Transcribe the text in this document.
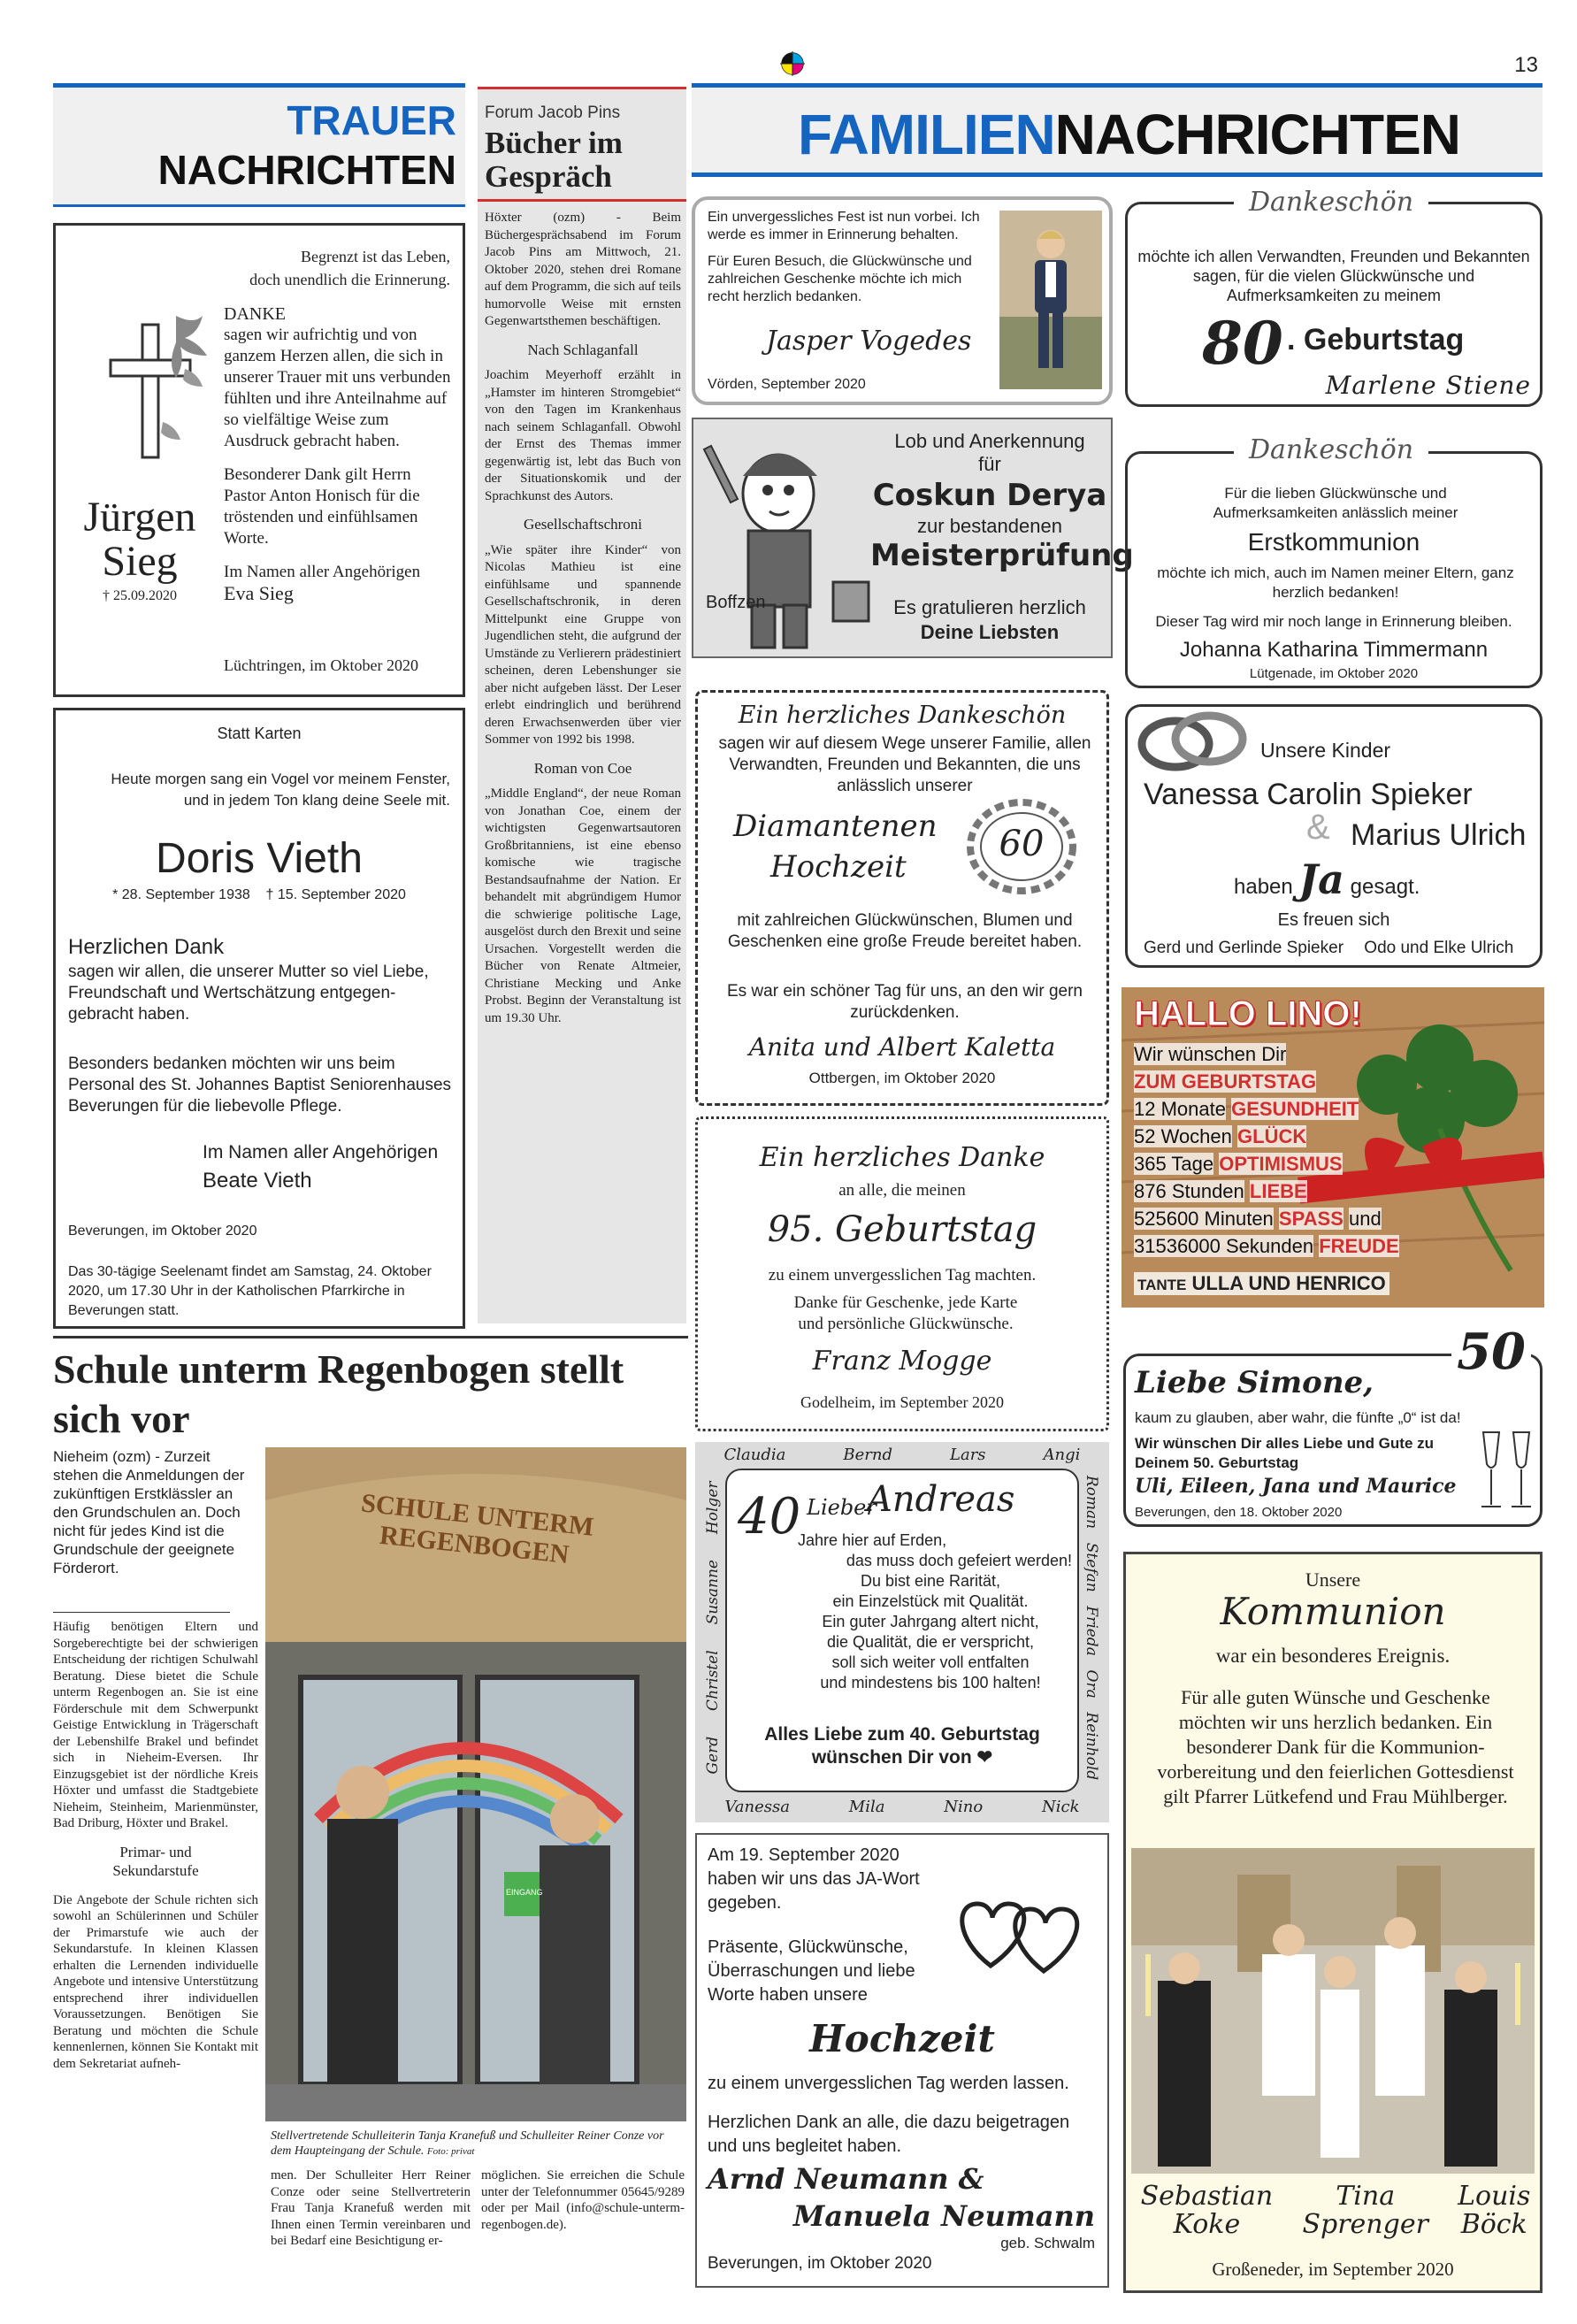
13
TRAUER
NACHRICHTEN
Begrenzt ist das Leben,
doch unendlich die Erinnerung.
Jürgen
Sieg
† 25.09.2020
DANKE
sagen wir aufrichtig und von ganzem Herzen allen, die sich in unserer Trauer mit uns verbunden fühlten und ihre Anteilnahme auf so vielfältige Weise zum Ausdruck gebracht haben.
Besonderer Dank gilt Herrn Pastor Anton Honisch für die tröstenden und einfühlsamen Worte.
Im Namen aller Angehörigen
Eva Sieg
Lüchtringen, im Oktober 2020
Statt Karten
Heute morgen sang ein Vogel vor meinem Fenster,
und in jedem Ton klang deine Seele mit.
Doris Vieth
* 28. September 1938    † 15. September 2020
Herzlichen Dank
sagen wir allen, die unserer Mutter so viel Liebe, Freundschaft und Wertschätzung entgegen-gebracht haben.
Besonders bedanken möchten wir uns beim Personal des St. Johannes Baptist Seniorenhauses Beverungen für die liebevolle Pflege.
Im Namen aller Angehörigen
Beate Vieth
Beverungen, im Oktober 2020
Das 30-tägige Seelenamt findet am Samstag, 24. Oktober 2020, um 17.30 Uhr in der Katholischen Pfarrkirche in Beverungen statt.
Forum Jacob Pins
Bücher im Gespräch
Höxter (ozm) - Beim Büchergesprächsabend im Forum Jacob Pins am Mittwoch, 21. Oktober 2020, stehen drei Romane auf dem Programm, die sich auf teils humorvolle Weise mit ernsten Gegenwartsthemen beschäftigen.
Nach Schlaganfall
Joachim Meyerhoff erzählt in „Hamster im hinteren Stromgebiet“ von den Tagen im Krankenhaus nach seinem Schlaganfall. Obwohl der Ernst des Themas immer gegenwärtig ist, lebt das Buch von der Situationskomik und der Sprachkunst des Autors.
Gesellschaftschroni
„Wie später ihre Kinder“ von Nicolas Mathieu ist eine einfühlsame und spannende Gesellschaftschronik, in deren Mittelpunkt eine Gruppe von Jugendlichen steht, die aufgrund der Umstände zu Verlierern prädestiniert scheinen, deren Lebenshunger sie aber nicht aufgeben lässt. Der Leser erlebt eindringlich und berührend deren Erwachsenwerden über vier Sommer von 1992 bis 1998.
Roman von Coe
„Middle England“, der neue Roman von Jonathan Coe, einem der wichtigsten Gegenwartsautoren Großbritanniens, ist eine ebenso komische wie tragische Bestandsaufnahme der Nation. Er behandelt mit abgründigem Humor die schwierige politische Lage, ausgelöst durch den Brexit und seine Ursachen. Vorgestellt werden die Bücher von Renate Altmeier, Christiane Mecking und Anke Probst. Beginn der Veranstaltung ist um 19.30 Uhr.
FAMILIENNACHRICHTEN
Ein unvergessliches Fest ist nun vorbei. Ich werde es immer in Erinnerung behalten.
Für Euren Besuch, die Glückwünsche und zahlreichen Geschenke möchte ich mich recht herzlich bedanken.
Jasper Vogedes
Vörden, September 2020
Dankeschön
möchte ich allen Verwandten, Freunden und Bekannten sagen, für die vielen Glückwünsche und Aufmerksamkeiten zu meinem
80 . Geburtstag
Marlene Stiene
Lob und Anerkennung
für
Coskun Derya
zur bestandenen
Meisterprüfung
Boffzen	Es gratulieren herzlich
Deine Liebsten
Dankeschön
Für die lieben Glückwünsche und Aufmerksamkeiten anlässlich meiner
Erstkommunion
möchte ich mich, auch im Namen meiner Eltern, ganz herzlich bedanken!
Dieser Tag wird mir noch lange in Erinnerung bleiben.
Johanna Katharina Timmermann
Lütgenade, im Oktober 2020
Ein herzliches Dankeschön
sagen wir auf diesem Wege unserer Familie, allen Verwandten, Freunden und Bekannten, die uns anlässlich unserer
Diamantenen
Hochzeit
60
mit zahlreichen Glückwünschen, Blumen und Geschenken eine große Freude bereitet haben.
Es war ein schöner Tag für uns, an den wir gern zurückdenken.
Anita und Albert Kaletta
Ottbergen, im Oktober 2020
Unsere Kinder
Vanessa Carolin Spieker
& Marius Ulrich
haben Ja gesagt.
Es freuen sich
Gerd und Gerlinde Spieker Odo und Elke Ulrich
Ein herzliches Danke
an alle, die meinen
95. Geburtstag
zu einem unvergesslichen Tag machten.
Danke für Geschenke, jede Karte und persönliche Glückwünsche.
Franz Mogge
Godelheim, im September 2020
HALLO LINO!
Wir wünschen Dir
ZUM GEBURTSTAG
12 Monate GESUNDHEIT
52 Wochen GLÜCK
365 Tage OPTIMISMUS
876 Stunden LIEBE
525600 Minuten SPASS und
31536000 Sekunden FREUDE
TANTE ULLA UND HENRICO
Liebe Simone,
50
kaum zu glauben, aber wahr, die fünfte „0“ ist da!
Wir wünschen Dir alles Liebe und Gute zu Deinem 50. Geburtstag
Uli, Eileen, Jana und Maurice
Beverungen, den 18. Oktober 2020
Claudia	Bernd	Lars	Angi
Vanessa	Mila	Nino	Nick
Gerd
Christel
Susanne
Holger	Roman
Stefan
Frieda
Ora
Reinhold
40 Lieber
Andreas
Jahre hier auf Erden,
das muss doch gefeiert werden!
Du bist eine Rarität,
ein Einzelstück mit Qualität.
Ein guter Jahrgang altert nicht,
die Qualität, die er verspricht,
soll sich weiter voll entfalten
und mindestens bis 100 halten!
Alles Liebe zum 40. Geburtstag
wünschen Dir von ❤
Am 19. September 2020 haben wir uns das JA-Wort gegeben.
Präsente, Glückwünsche, Überraschungen und liebe Worte haben unsere
Hochzeit
zu einem unvergesslichen Tag werden lassen.
Herzlichen Dank an alle, die dazu beigetragen und uns begleitet haben.
Arnd Neumann &
Manuela Neumann
geb. Schwalm
Beverungen, im Oktober 2020
Unsere
Kommunion
war ein besonderes Ereignis.
Für alle guten Wünsche und Geschenke möchten wir uns herzlich bedanken. Ein besonderer Dank für die Kommunion-vorbereitung und den feierlichen Gottesdienst gilt Pfarrer Lütkefend und Frau Mühlberger.
Sebastian
Koke
Tina
Sprenger
Louis
Böck
Großeneder, im September 2020
Schule unterm Regenbogen stellt sich vor
Nieheim (ozm) - Zurzeit stehen die Anmeldungen der zukünftigen Erstklässler an den Grundschulen an. Doch nicht für jedes Kind ist die Grundschule der geeignete Förderort.
Häufig benötigen Eltern und Sorgeberechtigte bei der schwierigen Entscheidung der richtigen Schulwahl Beratung. Diese bietet die Schule unterm Regenbogen an. Sie ist eine Förderschule mit dem Schwerpunkt Geistige Entwicklung in Trägerschaft der Lebenshilfe Brakel und befindet sich in Nieheim-Eversen. Ihr Einzugsgebiet ist der nördliche Kreis Höxter und umfasst die Stadtgebiete Nieheim, Steinheim, Marienmünster, Bad Driburg, Höxter und Brakel.
Primar- und Sekundarstufe
Die Angebote der Schule richten sich sowohl an Schülerinnen und Schüler der Primarstufe wie auch der Sekundarstufe. In kleinen Klassen erhalten die Lernenden individuelle Angebote und intensive Unterstützung entsprechend ihrer individuellen Voraussetzungen. Benötigen Sie Beratung und möchten die Schule kennenlernen, können Sie Kontakt mit dem Sekretariat aufneh-
SCHULE UNTERM REGENBOGEN
EINGANG
Stellvertretende Schulleiterin Tanja Kranefuß und Schulleiter Reiner Conze vor dem Haupteingang der Schule. Foto: privat
men. Der Schulleiter Herr Reiner Conze oder seine Stellvertreterin Frau Tanja Kranefuß werden mit Ihnen einen Termin vereinbaren und bei Bedarf eine Besichtigung er-
möglichen. Sie erreichen die Schule unter der Telefonnummer 05645/9289 oder per Mail (info@schule-unterm-regenbogen.de).
